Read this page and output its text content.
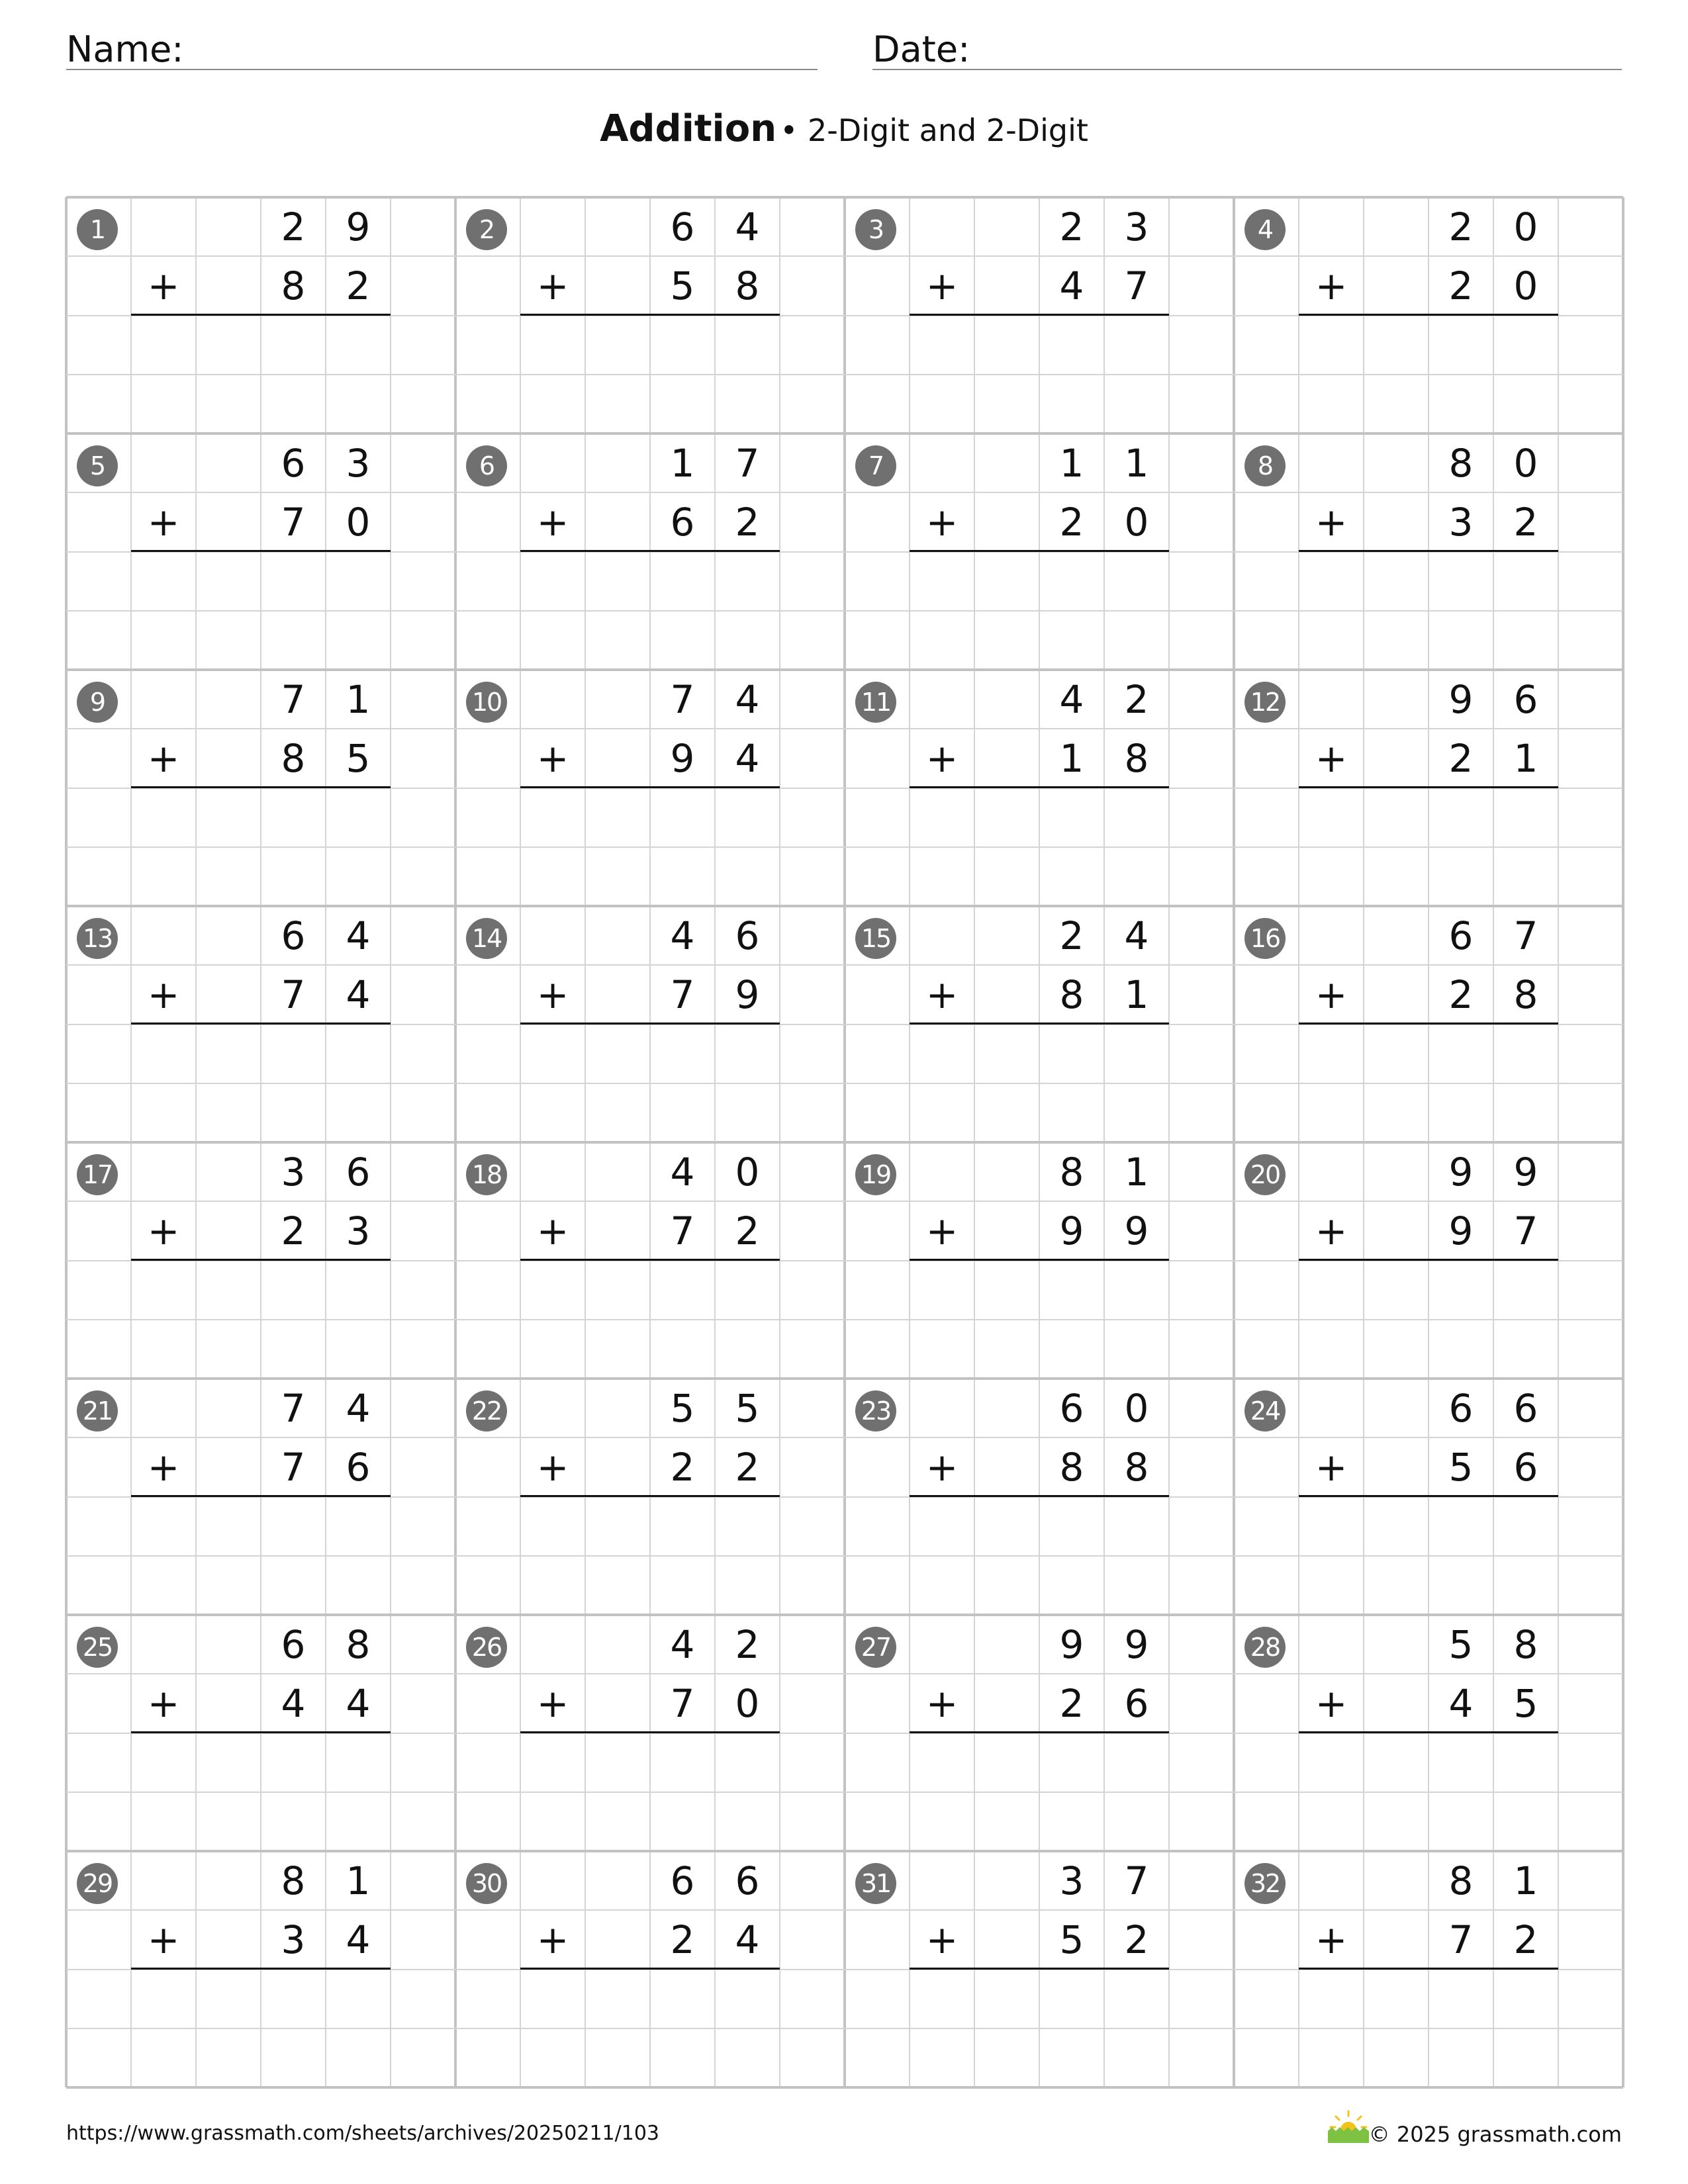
Name:	Date:
Addition • 2-Digit and 2-Digit
1	2	9
+	8	2
2	6	4
+	5	8
3	2	3
+	4	7
4	2	0
+	2	0
5	6	3
+	7	0
6	1	7
+	6	2
7	1	1
+	2	0
8	8	0
+	3	2
9	7	1
+	8	5
10	7	4
+	9	4
11	4	2
+	1	8
12	9	6
+	2	1
13	6	4
+	7	4
14	4	6
+	7	9
15	2	4
+	8	1
16	6	7
+	2	8
17	3	6
+	2	3
18	4	0
+	7	2
19	8	1
+	9	9
20	9	9
+	9	7
21	7	4
+	7	6
22	5	5
+	2	2
23	6	0
+	8	8
24	6	6
+	5	6
25	6	8
+	4	4
26	4	2
+	7	0
27	9	9
+	2	6
28	5	8
+	4	5
29	8	1
+	3	4
30	6	6
+	2	4
31	3	7
+	5	2
32	8	1
+	7	2
https://www.grassmath.com/sheets/archives/20250211/103	© 2025 grassmath.com
